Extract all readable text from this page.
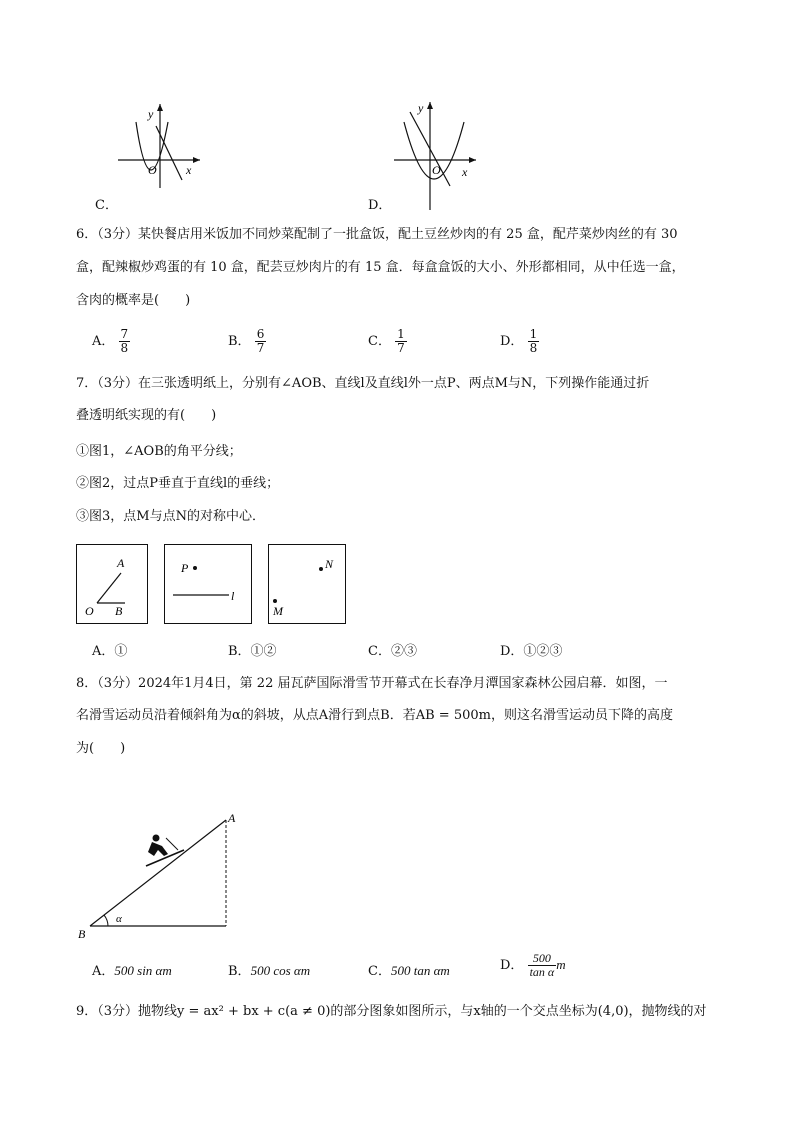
y
x
O
C．
y
x
O
D．
6．（3分）某快餐店用米饭加不同炒菜配制了一批盒饭，配土豆丝炒肉的有 25 盒，配芹菜炒肉丝的有 30
盒，配辣椒炒鸡蛋的有 10 盒，配芸豆炒肉片的有 15 盒．每盒盒饭的大小、外形都相同，从中任选一盒，
含肉的概率是(　　)
A． $\frac{7}{8}$	B． $\frac{6}{7}$	C． $\frac{1}{7}$	D． $\frac{1}{8}$
7．（3分）在三张透明纸上，分别有∠AOB、直线l及直线l外一点P、两点M与N，下列操作能通过折
叠透明纸实现的有(　　)
①图1，∠AOB的角平分线；
②图2，过点P垂直于直线l的垂线；
③图3，点M与点N的对称中心．
A
O B
P
l
N
M
A．①	B．①②	C．②③	D．①②③
8．（3分）2024年1月4日，第 22 届瓦萨国际滑雪节开幕式在长春净月潭国家森林公园启幕．如图，一
名滑雪运动员沿着倾斜角为α的斜坡，从点A滑行到点B．若AB = 500m，则这名滑雪运动员下降的高度
为(　　)
A
B
α
A．500 sin αm	B．500 cos αm	C．500 tan αm	D． $\frac{500}{\text{tan α}}$ m
9．（3分）抛物线y = ax² + bx + c(a ≠ 0)的部分图象如图所示，与x轴的一个交点坐标为(4,0)，抛物线的对
